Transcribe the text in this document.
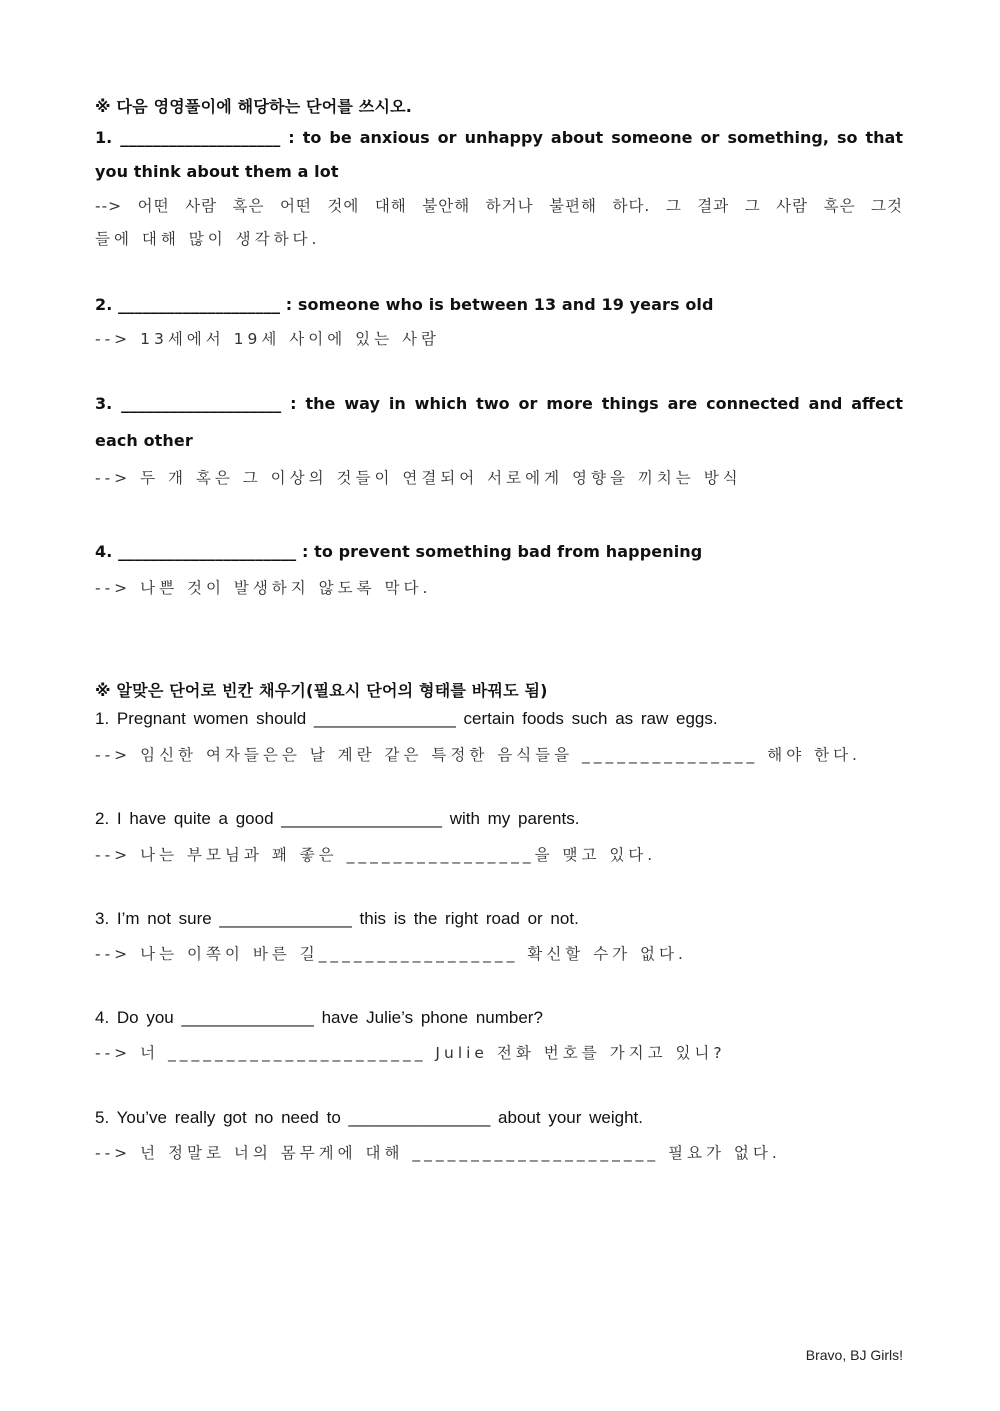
※ 다음 영영풀이에 해당하는 단어를 쓰시오.
1. ____________________ : to be anxious or unhappy about someone or something, so that
you think about them a lot
--> 어떤 사람 혹은 어떤 것에 대해 불안해 하거나 불편해 하다. 그 결과 그 사람 혹은 그것
들에 대해 많이 생각하다.
2. ____________________ : someone who is between 13 and 19 years old
--> 13세에서 19세 사이에 있는 사람
3. ____________________ : the way in which two or more things are connected and affect
each other
--> 두 개 혹은 그 이상의 것들이 연결되어 서로에게 영향을 끼치는 방식
4. ______________________ : to prevent something bad from happening
--> 나쁜 것이 발생하지 않도록 막다.
※ 알맞은 단어로 빈칸 채우기(필요시 단어의 형태를 바꿔도 됨)
1. Pregnant women should _______________ certain foods such as raw eggs.
--> 임신한 여자들은은 날 계란 같은 특정한 음식들을 _______________ 해야 한다.
2. I have quite a good _________________ with my parents.
--> 나는 부모님과 꽤 좋은 ________________을 맺고 있다.
3. I’m not sure ______________ this is the right road or not.
--> 나는 이쪽이 바른 길_________________ 확신할 수가 없다.
4. Do you ______________ have Julie’s phone number?
--> 너 ______________________ Julie 전화 번호를 가지고 있니?
5. You’ve really got no need to _______________ about your weight.
--> 넌 정말로 너의 몸무게에 대해 _____________________ 필요가 없다.
Bravo, BJ Girls!
